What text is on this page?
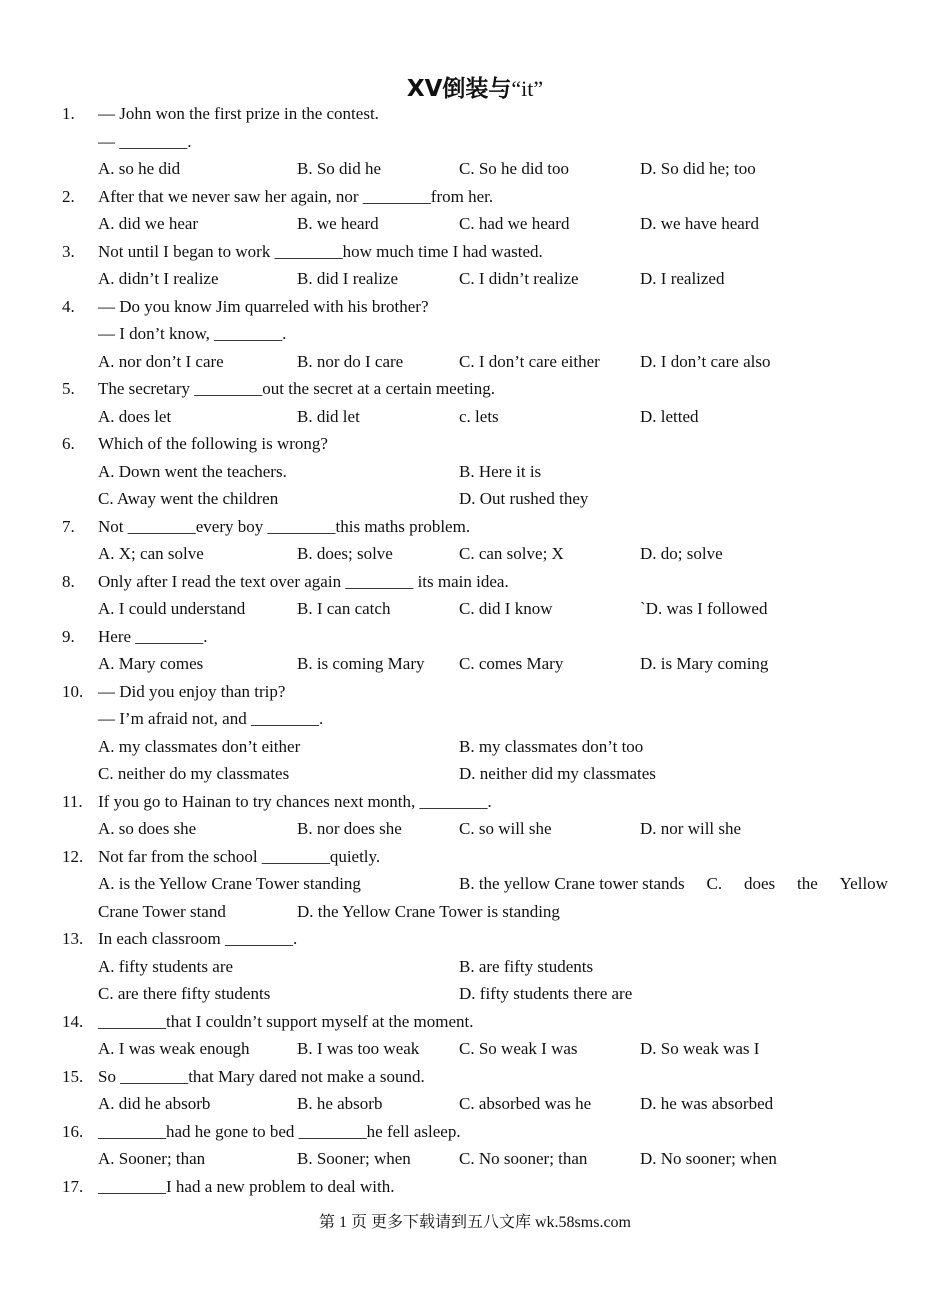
XV倒装与“it”
1. — John won the first prize in the contest.
— ________.
A. so he did	B. So did he	C. So he did too	D. So did he; too
2. After that we never saw her again, nor ________from her.
A. did we hear	B. we heard	C. had we heard	D. we have heard
3. Not until I began to work ________how much time I had wasted.
A. didn’t I realize	B. did I realize	C. I didn’t realize	D. I realized
4. — Do you know Jim quarreled with his brother?
— I don’t know, ________.
A. nor don’t I care	B. nor do I care	C. I don’t care either D. I don’t care also
5. The secretary ________out the secret at a certain meeting.
A. does let	B. did let	c. lets	D. letted
6. Which of the following is wrong?
A. Down went the teachers.	B. Here it is
C. Away went the children	D. Out rushed they
7. Not ________every boy ________this maths problem.
A. X; can solve	B. does; solve	C. can solve; X	D. do; solve
8. Only after I read the text over again ________ its main idea.
A. I could understand	B. I can catch	C. did I know	`D. was I followed
9. Here ________.
A. Mary comes	B. is coming Mary C. comes Mary	D. is Mary coming
10. — Did you enjoy than trip?
— I’m afraid not, and ________.
A. my classmates don’t either	B. my classmates don’t too
C. neither do my classmates	D. neither did my classmates
11. If you go to Hainan to try chances next month, ________.
A. so does she	B. nor does she	C. so will she	D. nor will she
12. Not far from the school ________quietly.
A. is the Yellow Crane Tower standing	B. the yellow Crane tower stands C. does the Yellow
Crane Tower stand	D. the Yellow Crane Tower is standing
13. In each classroom ________.
A. fifty students are	B. are fifty students
C. are there fifty students	D. fifty students there are
14. ________that I couldn’t support myself at the moment.
A. I was weak enough	B. I was too weak C. So weak I was	D. So weak was I
15. So ________that Mary dared not make a sound.
A. did he absorb	B. he absorb	C. absorbed was he	D. he was absorbed
16. ________had he gone to bed ________he fell asleep.
A. Sooner; than	B. Sooner; when	C. No sooner; than	D. No sooner; when
17. ________I had a new problem to deal with.
第 1 页 更多下载请到五八文库 wk.58sms.com
